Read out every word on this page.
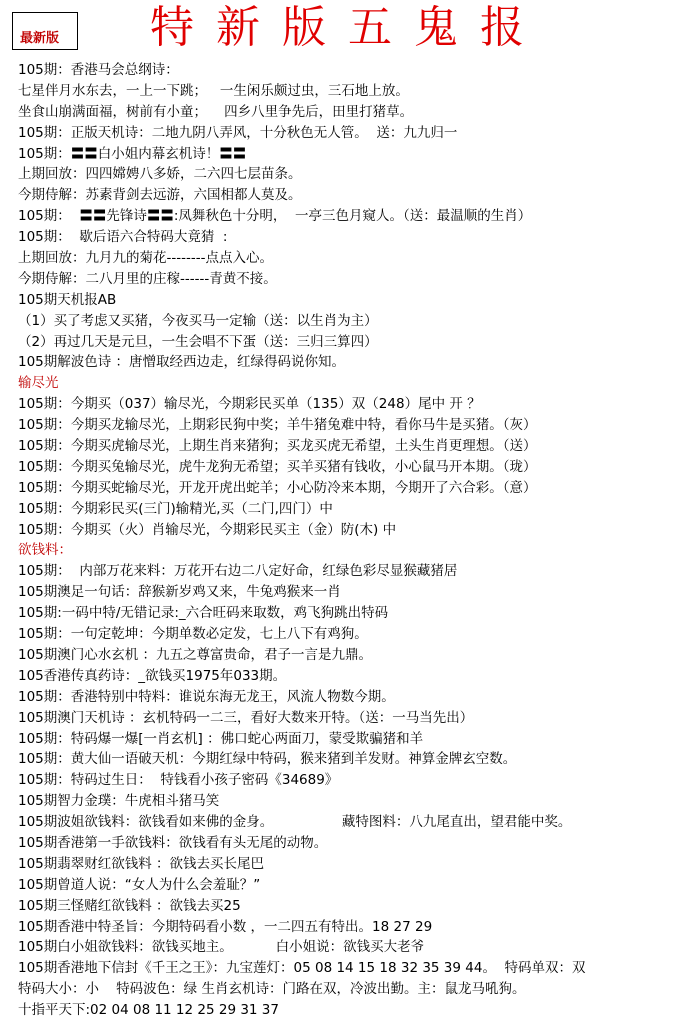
最新版 特新版五鬼报
105期：香港马会总纲诗：
七星伴月水东去，一上一下跳；   一生闲乐颇过虫，三石地上放。
坐食山崩满面福，树前有小童；    四乡八里争先后，田里打猪草。
105期：正版天机诗：二地九阴八弄风，十分秋色无人管。  送：九九归一
105期：〓〓白小姐内幕玄机诗！〓〓
上期回放：四四嫦娉八多娇，二六四七层苗条。
今期侍解：苏素背剑去远游，六国相都人莫及。
105期：  〓〓先锋诗〓〓:凤舞秋色十分明，  一亭三色月窥人。（送：最温顺的生肖）
105期：  歇后语六合特码大竟猜  :
上期回放：九月九的菊花--------点点入心。
今期侍解：二八月里的庄稼------青黄不接。
105期天机报AB
（1）买了考虑又买猪，今夜买马一定输（送：以生肖为主）
（2）再过几天是元旦，一生会唱不下蛋（送：三归三算四）
105期解波色诗 ：唐憎取经西边走，红绿得码说你知。
输尽光
105期：今期买（037）输尽光，今期彩民买单（135）双（248）尾中 开 ？
105期：今期买龙输尽光，上期彩民狗中奖；羊牛猪兔难中特，看你马牛是买猪。（灰）
105期：今期买虎输尽光，上期生肖来猪狗；买龙买虎无希望，土头生肖更理想。（送）
105期：今期买兔输尽光，虎牛龙狗无希望；买羊买猪有钱收，小心鼠马开本期。（珑）
105期：今期买蛇输尽光，开龙开虎出蛇羊；小心防冷来本期，今期开了六合彩。（意）
105期：今期彩民买(三门)输精光,买（二门,四门）中
105期：今期买（火）肖输尽光，今期彩民买主（金）防(木) 中
欲钱料：
105期：  内部万花来料：万花开右边二八定好命，红绿色彩尽显猴藏猪居
105期澳足一句话：辞猴新岁鸡又来，牛兔鸡猴来一肖
105期:一码中特/无错记录:_六合旺码来取数，鸡飞狗跳出特码
105期：一句定乾坤：今期单数必定发，七上八下有鸡狗。
105期澳门心水玄机 ：九五之尊富贵命，君子一言是九鼎。
105香港传真药诗：_欲钱买1975年033期。
105期：香港特别中特料：谁说东海无龙王，风流人物数今期。
105期澳门天机诗 ：玄机特码一二三，看好大数来开特。（送：一马当先出）
105期：特码爆一爆[一肖玄机] ：佛口蛇心两面刀，蒙受欺骗猪和羊
105期：黄大仙一语破天机：今期红绿中特码，猴来猪到羊发财。神算金牌玄空数。
105期：特码过生日：  特钱看小孩子密码《34689》
105期智力金璞：牛虎相斗猪马笑
105期波姐欲钱料：欲钱看如来佛的金身。                藏特图料：八九尾直出，望君能中奖。
105期香港第一手欲钱料：欲钱看有头无尾的动物。
105期翡翠财红欲钱料 ：欲钱去买长尾巴
105期曾道人说：“女人为什么会羞耻？”
105期三怪赌红欲钱料 ：欲钱去买25
105期香港中特圣旨：今期特码看小数 ，一二四五有特出。18 27 29
105期白小姐欲钱料：欲钱买地主。          白小姐说：欲钱买大老爷
105期香港地下信封《千王之王》：九宝莲灯：05 08 14 15 18 32 35 39 44。  特码单双：双
特码大小：小    特码波色：绿 生肖玄机诗：门路在双，冷波出勤。主：鼠龙马吼狗。
十指平天下:02 04 08 11 12 25 29 31 37
